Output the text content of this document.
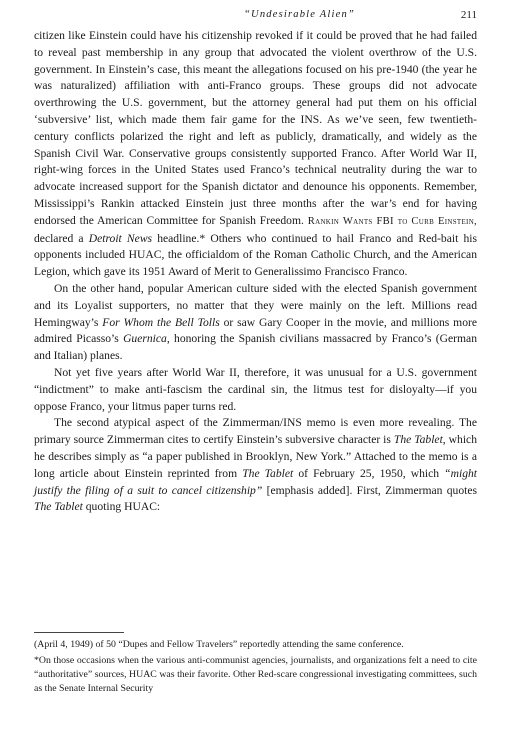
“Undesirable Alien”	211

citizen like Einstein could have his citizenship revoked if it could be proved that he had failed to reveal past membership in any group that advocated the violent overthrow of the U.S. government. In Einstein’s case, this meant the allegations focused on his pre-1940 (the year he was naturalized) affiliation with anti-Franco groups. These groups did not advocate overthrowing the U.S. government, but the attorney general had put them on his official ‘subversive’ list, which made them fair game for the INS. As we’ve seen, few twentieth-century conflicts polarized the right and left as publicly, dramatically, and widely as the Spanish Civil War. Conservative groups consistently supported Franco. After World War II, right-wing forces in the United States used Franco’s technical neutrality during the war to advocate increased support for the Spanish dictator and denounce his opponents. Remember, Mississippi’s Rankin attacked Einstein just three months after the war’s end for having endorsed the American Committee for Spanish Freedom. Rankin Wants FBI to Curb Einstein, declared a Detroit News headline.* Others who continued to hail Franco and Red-bait his opponents included HUAC, the officialdom of the Roman Catholic Church, and the American Legion, which gave its 1951 Award of Merit to Generalissimo Francisco Franco.

On the other hand, popular American culture sided with the elected Spanish government and its Loyalist supporters, no matter that they were mainly on the left. Millions read Hemingway’s For Whom the Bell Tolls or saw Gary Cooper in the movie, and millions more admired Picasso’s Guernica, honoring the Spanish civilians massacred by Franco’s (German and Italian) planes.

Not yet five years after World War II, therefore, it was unusual for a U.S. government “indictment” to make anti-fascism the cardinal sin, the litmus test for disloyalty—if you oppose Franco, your litmus paper turns red.

The second atypical aspect of the Zimmerman/INS memo is even more revealing. The primary source Zimmerman cites to certify Einstein’s subversive character is The Tablet, which he describes simply as “a paper published in Brooklyn, New York.” Attached to the memo is a long article about Einstein reprinted from The Tablet of February 25, 1950, which “might justify the filing of a suit to cancel citizenship” [emphasis added]. First, Zimmerman quotes The Tablet quoting HUAC:

(April 4, 1949) of 50 “Dupes and Fellow Travelers” reportedly attending the same conference.

*On those occasions when the various anti-communist agencies, journalists, and organizations felt a need to cite “authoritative” sources, HUAC was their favorite. Other Red-scare congressional investigating committees, such as the Senate Internal Security
